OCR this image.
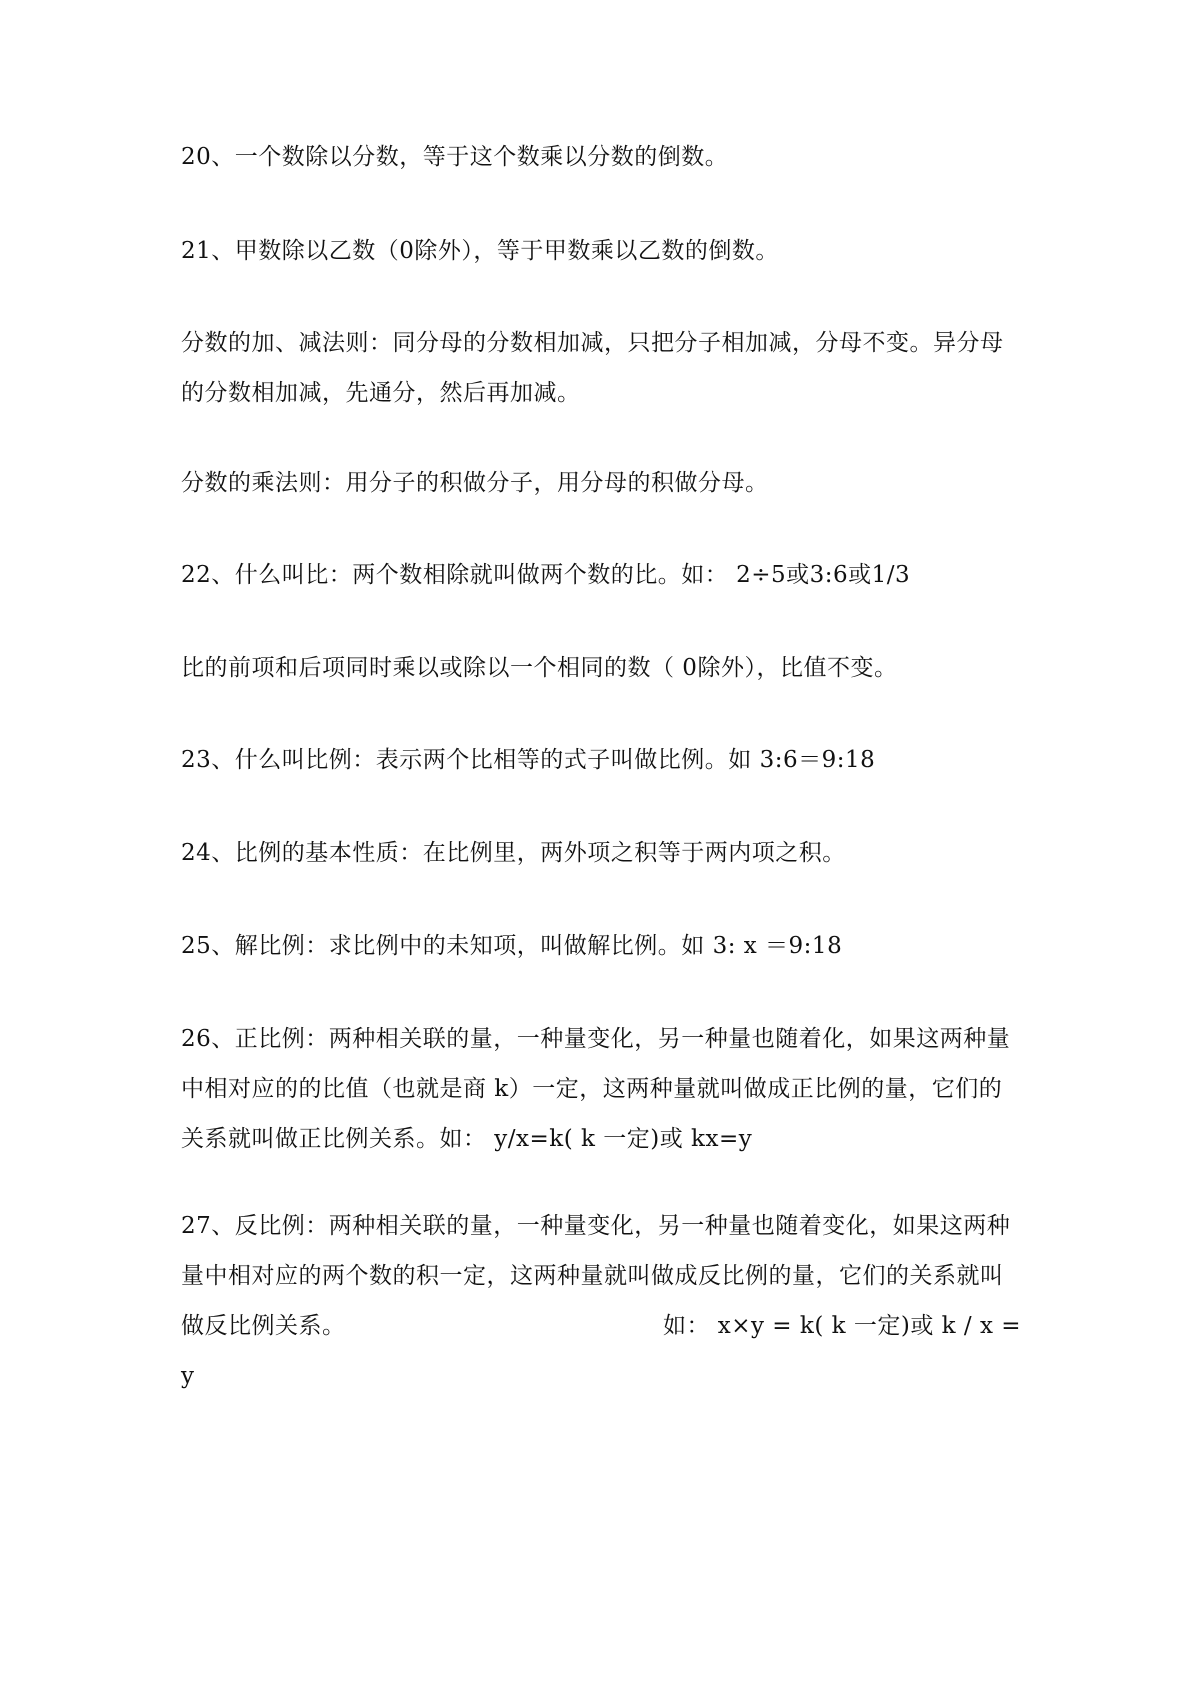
20、一个数除以分数，等于这个数乘以分数的倒数。

21、甲数除以乙数（0除外），等于甲数乘以乙数的倒数。

分数的加、减法则：同分母的分数相加减，只把分子相加减，分母不变。异分母
的分数相加减，先通分，然后再加减。

分数的乘法则：用分子的积做分子，用分母的积做分母。

22、什么叫比：两个数相除就叫做两个数的比。如： 2÷5或3:6或1/3

比的前项和后项同时乘以或除以一个相同的数（ 0除外），比值不变。

23、什么叫比例：表示两个比相等的式子叫做比例。如 3:6＝9:18

24、比例的基本性质：在比例里，两外项之积等于两内项之积。

25、解比例：求比例中的未知项，叫做解比例。如 3: x ＝9:18

26、正比例：两种相关联的量，一种量变化，另一种量也随着化，如果这两种量
中相对应的的比值（也就是商 k）一定，这两种量就叫做成正比例的量，它们的
关系就叫做正比例关系。如： y/x=k( k 一定)或 kx=y

27、反比例：两种相关联的量，一种量变化，另一种量也随着变化，如果这两种
量中相对应的两个数的积一定，这两种量就叫做成反比例的量，它们的关系就叫
做反比例关系。	如： x×y = k( k 一定)或 k / x =
y
